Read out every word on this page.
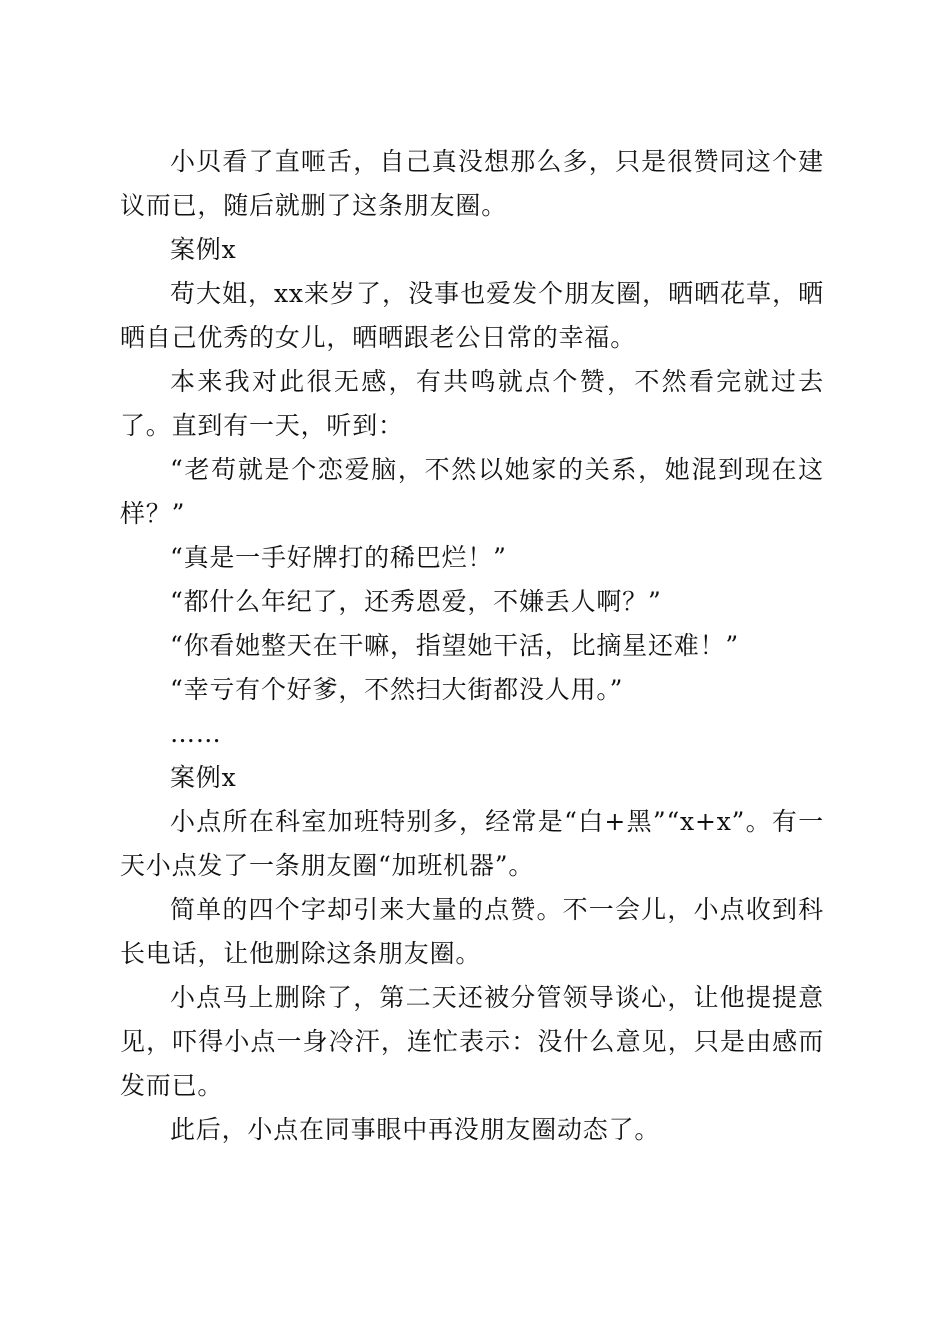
小贝看了直咂舌，自己真没想那么多，只是很赞同这个建议而已，随后就删了这条朋友圈。

案例x

苟大姐，xx来岁了，没事也爱发个朋友圈，晒晒花草，晒晒自己优秀的女儿，晒晒跟老公日常的幸福。

本来我对此很无感，有共鸣就点个赞，不然看完就过去了。直到有一天，听到：

“老苟就是个恋爱脑，不然以她家的关系，她混到现在这样？”

“真是一手好牌打的稀巴烂！”

“都什么年纪了，还秀恩爱，不嫌丢人啊？”

“你看她整天在干嘛，指望她干活，比摘星还难！”

“幸亏有个好爹，不然扫大街都没人用。”

……

案例x

小点所在科室加班特别多，经常是“白+黑”“x+x”。有一天小点发了一条朋友圈“加班机器”。

简单的四个字却引来大量的点赞。不一会儿，小点收到科长电话，让他删除这条朋友圈。

小点马上删除了，第二天还被分管领导谈心，让他提提意见，吓得小点一身冷汗，连忙表示：没什么意见，只是由感而发而已。

此后，小点在同事眼中再没朋友圈动态了。
